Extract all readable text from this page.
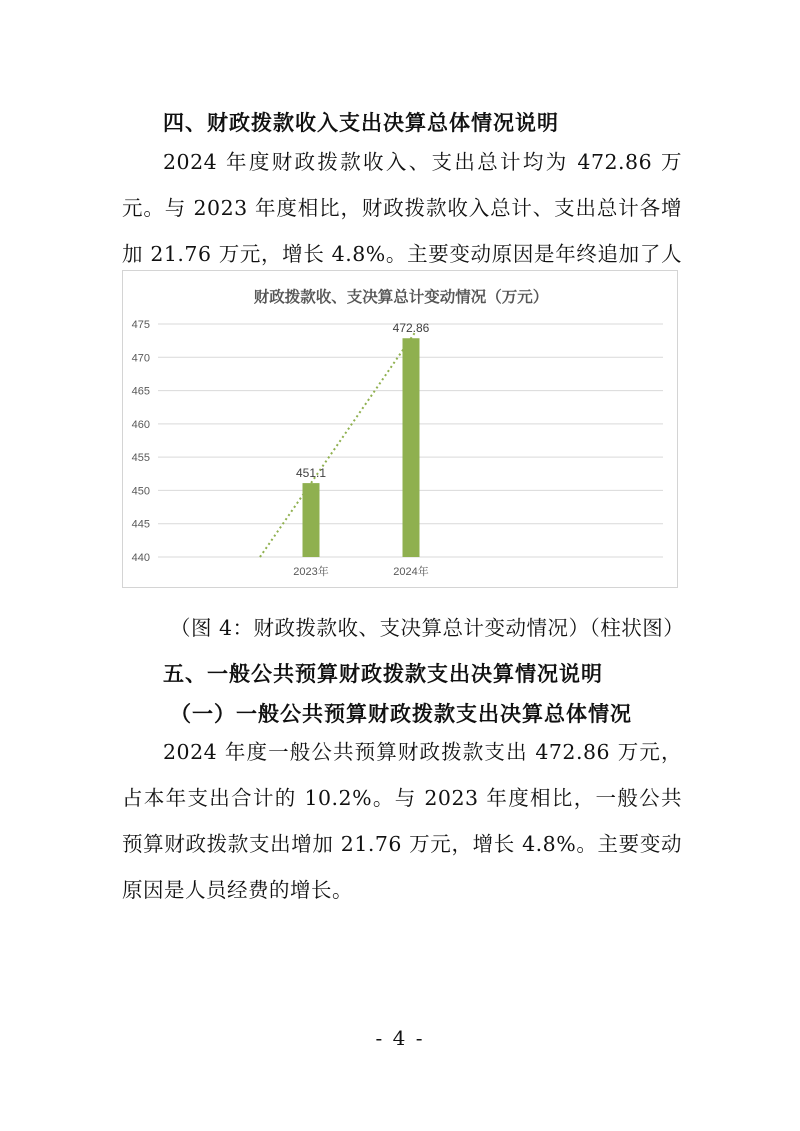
四、财政拨款收入支出决算总体情况说明
2024 年度财政拨款收入、支出总计均为 472.86 万元。与 2023 年度相比，财政拨款收入总计、支出总计各增加 21.76 万元，增长 4.8%。主要变动原因是年终追加了人
财政拨款收、支决算总计变动情况（万元）
440
445
450
455
460
465
470
475
451.1
472.86
2023年	2024年
（图 4：财政拨款收、支决算总计变动情况）（柱状图）
五、一般公共预算财政拨款支出决算情况说明
（一）一般公共预算财政拨款支出决算总体情况
2024 年度一般公共预算财政拨款支出 472.86 万元，占本年支出合计的 10.2%。与 2023 年度相比，一般公共预算财政拨款支出增加 21.76 万元，增长 4.8%。主要变动原因是人员经费的增长。
- 4 -
